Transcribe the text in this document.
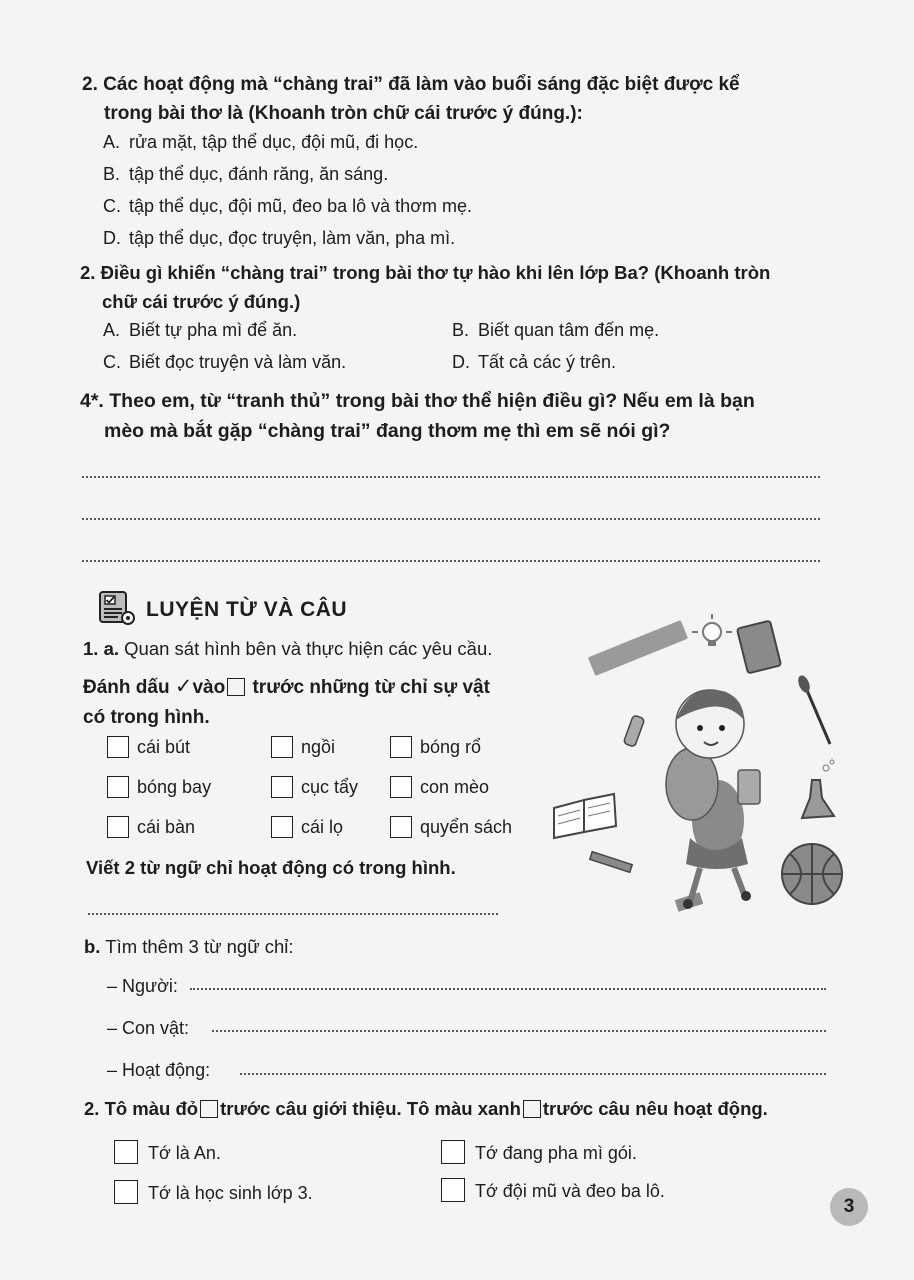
2. Các hoạt động mà “chàng trai” đã làm vào buổi sáng đặc biệt được kể
trong bài thơ là (Khoanh tròn chữ cái trước ý đúng.):
A. rửa mặt, tập thể dục, đội mũ, đi học.
B. tập thể dục, đánh răng, ăn sáng.
C. tập thể dục, đội mũ, đeo ba lô và thơm mẹ.
D. tập thể dục, đọc truyện, làm văn, pha mì.
2. Điều gì khiến “chàng trai” trong bài thơ tự hào khi lên lớp Ba? (Khoanh tròn
chữ cái trước ý đúng.)
A. Biết tự pha mì để ăn.	B. Biết quan tâm đến mẹ.
C. Biết đọc truyện và làm văn.	D. Tất cả các ý trên.
4*. Theo em, từ “tranh thủ” trong bài thơ thể hiện điều gì? Nếu em là bạn
mèo mà bắt gặp “chàng trai” đang thơm mẹ thì em sẽ nói gì?
LUYỆN TỪ VÀ CÂU
1. a. Quan sát hình bên và thực hiện các yêu cầu.
Đánh dấu ✓vào trước những từ chỉ sự vật
có trong hình.
cái bút	ngồi	bóng rổ
bóng bay	cục tẩy	con mèo
cái bàn	cái lọ	quyển sách
Viết 2 từ ngữ chỉ hoạt động có trong hình.
b. Tìm thêm 3 từ ngữ chỉ:
– Người:
– Con vật:
– Hoạt động:
2. Tô màu đỏ trước câu giới thiệu. Tô màu xanh trước câu nêu hoạt động.
Tớ là An.	Tớ đang pha mì gói.
Tớ là học sinh lớp 3.	Tớ đội mũ và đeo ba lô.
3
